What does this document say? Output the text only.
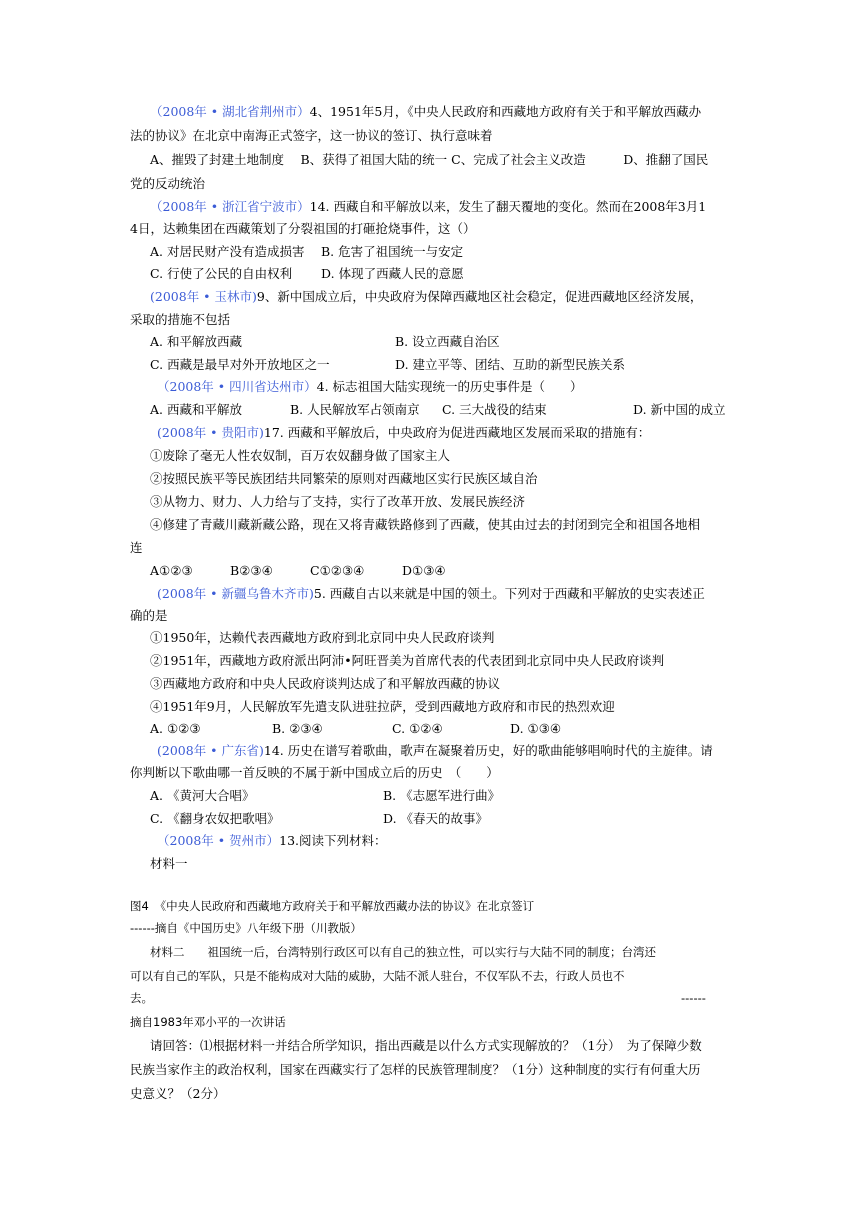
（2008年 • 湖北省荆州市）4、1951年5月，《中央人民政府和西藏地方政府有关于和平解放西藏办
法的协议》在北京中南海正式签字，这一协议的签订、执行意味着
A、摧毁了封建土地制度　 B、获得了祖国大陆的统一 C、完成了社会主义改造　　　D、推翻了国民
党的反动统治
（2008年 • 浙江省宁波市）14. 西藏自和平解放以来，发生了翻天覆地的变化。然而在2008年3月1
4日，达赖集团在西藏策划了分裂祖国的打砸抢烧事件，这（）
A. 对居民财产没有造成损害　 B. 危害了祖国统一与安定
C. 行使了公民的自由权利　　 D. 体现了西藏人民的意愿
(2008年 • 玉林市)9、新中国成立后，中央政府为保障西藏地区社会稳定，促进西藏地区经济发展，
采取的措施不包括
A. 和平解放西藏	B. 设立西藏自治区
C. 西藏是最早对外开放地区之一	D. 建立平等、团结、互助的新型民族关系
（2008年 • 四川省达州市）4. 标志祖国大陆实现统一的历史事件是（　　）
A. 西藏和平解放	B. 人民解放军占领南京 C. 三大战役的结束	D. 新中国的成立
(2008年 • 贵阳市)17. 西藏和平解放后，中央政府为促进西藏地区发展而采取的措施有：
①废除了毫无人性农奴制，百万农奴翻身做了国家主人
②按照民族平等民族团结共同繁荣的原则对西藏地区实行民族区域自治
③从物力、财力、人力给与了支持，实行了改革开放、发展民族经济
④修建了青藏川藏新藏公路，现在又将青藏铁路修到了西藏，使其由过去的封闭到完全和祖国各地相
连
A①②③	B②③④	C①②③④	D①③④
(2008年 • 新疆乌鲁木齐市)5. 西藏自古以来就是中国的领土。下列对于西藏和平解放的史实表述正
确的是
①1950年，达赖代表西藏地方政府到北京同中央人民政府谈判
②1951年，西藏地方政府派出阿沛•阿旺晋美为首席代表的代表团到北京同中央人民政府谈判
③西藏地方政府和中央人民政府谈判达成了和平解放西藏的协议
④1951年9月，人民解放军先遣支队进驻拉萨，受到西藏地方政府和市民的热烈欢迎
A. ①②③	B. ②③④	C. ①②④	D. ①③④
(2008年 • 广东省)14. 历史在谱写着歌曲，歌声在凝聚着历史，好的歌曲能够唱响时代的主旋律。请
你判断以下歌曲哪一首反映的不属于新中国成立后的历史　（　　）
A. 《黄河大合唱》	B. 《志愿军进行曲》
C. 《翻身农奴把歌唱》	D. 《春天的故事》
（2008年 • 贺州市）13.阅读下列材料：
材料一
图4　《中央人民政府和西藏地方政府关于和平解放西藏办法的协议》在北京签订
------摘自《中国历史》八年级下册（川教版）
材料二　　祖国统一后，台湾特别行政区可以有自己的独立性，可以实行与大陆不同的制度；台湾还
可以有自己的军队，只是不能构成对大陆的威胁，大陆不派人驻台，不仅军队不去，行政人员也不
去。	------
摘自1983年邓小平的一次讲话
请回答：⑴根据材料一并结合所学知识，指出西藏是以什么方式实现解放的？（1分）　为了保障少数
民族当家作主的政治权利，国家在西藏实行了怎样的民族管理制度？（1分）这种制度的实行有何重大历
史意义？（2分）
